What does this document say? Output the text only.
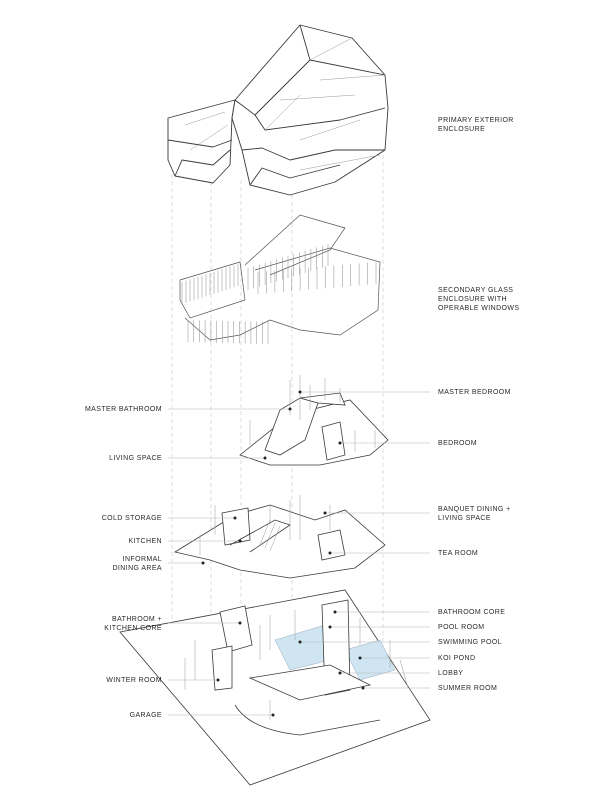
PRIMARY EXTERIOR
ENCLOSURE
SECONDARY GLASS
ENCLOSURE WITH
OPERABLE WINDOWS
MASTER BEDROOM
BEDROOM
BANQUET DINING +
LIVING SPACE
TEA ROOM
BATHROOM CORE
POOL ROOM
SWIMMING POOL
KOI POND
LOBBY
SUMMER ROOM
MASTER BATHROOM
LIVING SPACE
COLD STORAGE
KITCHEN
INFORMAL
DINING AREA
BATHROOM +
KITCHEN CORE
WINTER ROOM
GARAGE
